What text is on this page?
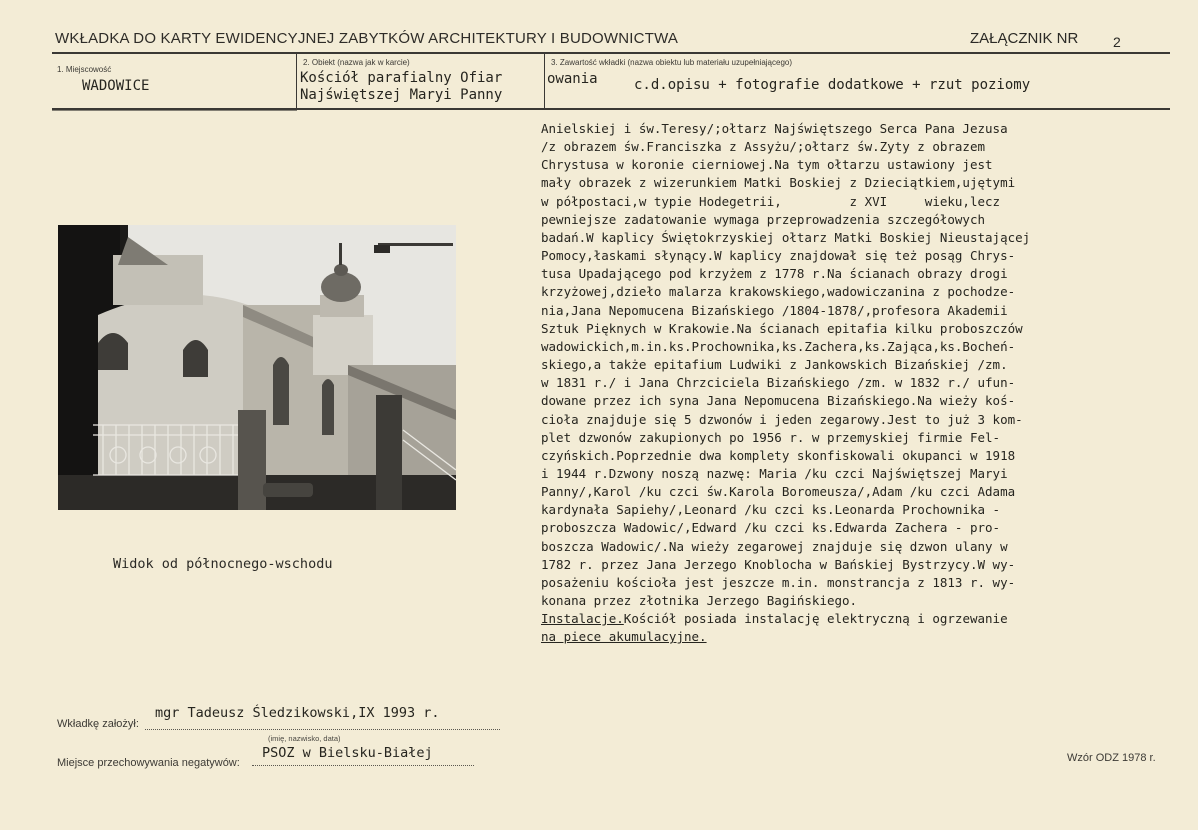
WKŁADKA DO KARTY EWIDENCYJNEJ ZABYTKÓW ARCHITEKTURY I BUDOWNICTWA	ZAŁĄCZNIK NR 2
1. Miejscowość
WADOWICE
2. Obiekt (nazwa jak w karcie)
Kościół parafialny Ofiar
Najświętszej Maryi Panny
owania
3. Zawartość wkładki (nazwa obiektu lub materiału uzupełniającego)
c.d.opisu + fotografie dodatkowe + rzut poziomy
Anielskiej i św.Teresy/;ołtarz Najświętszego Serca Pana Jezusa
/z obrazem św.Franciszka z Assyżu/;ołtarz św.Zyty z obrazem
Chrystusa w koronie cierniowej.Na tym ołtarzu ustawiony jest
mały obrazek z wizerunkiem Matki Boskiej z Dzieciątkiem,ujętymi
w półpostaci,w typie Hodegetrii,         z XVI     wieku,lecz
pewniejsze zadatowanie wymaga przeprowadzenia szczegółowych
badań.W kaplicy Świętokrzyskiej ołtarz Matki Boskiej Nieustającej
Pomocy,łaskami słynący.W kaplicy znajdował się też posąg Chrys-
tusa Upadającego pod krzyżem z 1778 r.Na ścianach obrazy drogi
krzyżowej,dzieło malarza krakowskiego,wadowiczanina z pochodze-
nia,Jana Nepomucena Bizańskiego /1804-1878/,profesora Akademii
Sztuk Pięknych w Krakowie.Na ścianach epitafia kilku proboszczów
wadowickich,m.in.ks.Prochownika,ks.Zachera,ks.Zająca,ks.Bocheń-
skiego,a także epitafium Ludwiki z Jankowskich Bizańskiej /zm.
w 1831 r./ i Jana Chrzciciela Bizańskiego /zm. w 1832 r./ ufun-
dowane przez ich syna Jana Nepomucena Bizańskiego.Na wieży koś-
cioła znajduje się 5 dzwonów i jeden zegarowy.Jest to już 3 kom-
plet dzwonów zakupionych po 1956 r. w przemyskiej firmie Fel-
czyńskich.Poprzednie dwa komplety skonfiskowali okupanci w 1918
i 1944 r.Dzwony noszą nazwę: Maria /ku czci Najświętszej Maryi
Panny/,Karol /ku czci św.Karola Boromeusza/,Adam /ku czci Adama
kardynała Sapiehy/,Leonard /ku czci ks.Leonarda Prochownika -
proboszcza Wadowic/,Edward /ku czci ks.Edwarda Zachera - pro-
boszcza Wadowic/.Na wieży zegarowej znajduje się dzwon ulany w
1782 r. przez Jana Jerzego Knoblocha w Bańskiej Bystrzycy.W wy-
posażeniu kościoła jest jeszcze m.in. monstrancja z 1813 r. wy-
konana przez złotnika Jerzego Bagińskiego.
Instalacje.Kościół posiada instalację elektryczną i ogrzewanie
na piece akumulacyjne.
Widok od północnego-wschodu
Wkładkę założył:
mgr Tadeusz Śledzikowski,IX 1993 r.
(imię, nazwisko, data)
Miejsce przechowywania negatywów:
PSOZ w Bielsku-Białej	Wzór ODZ 1978 r.
